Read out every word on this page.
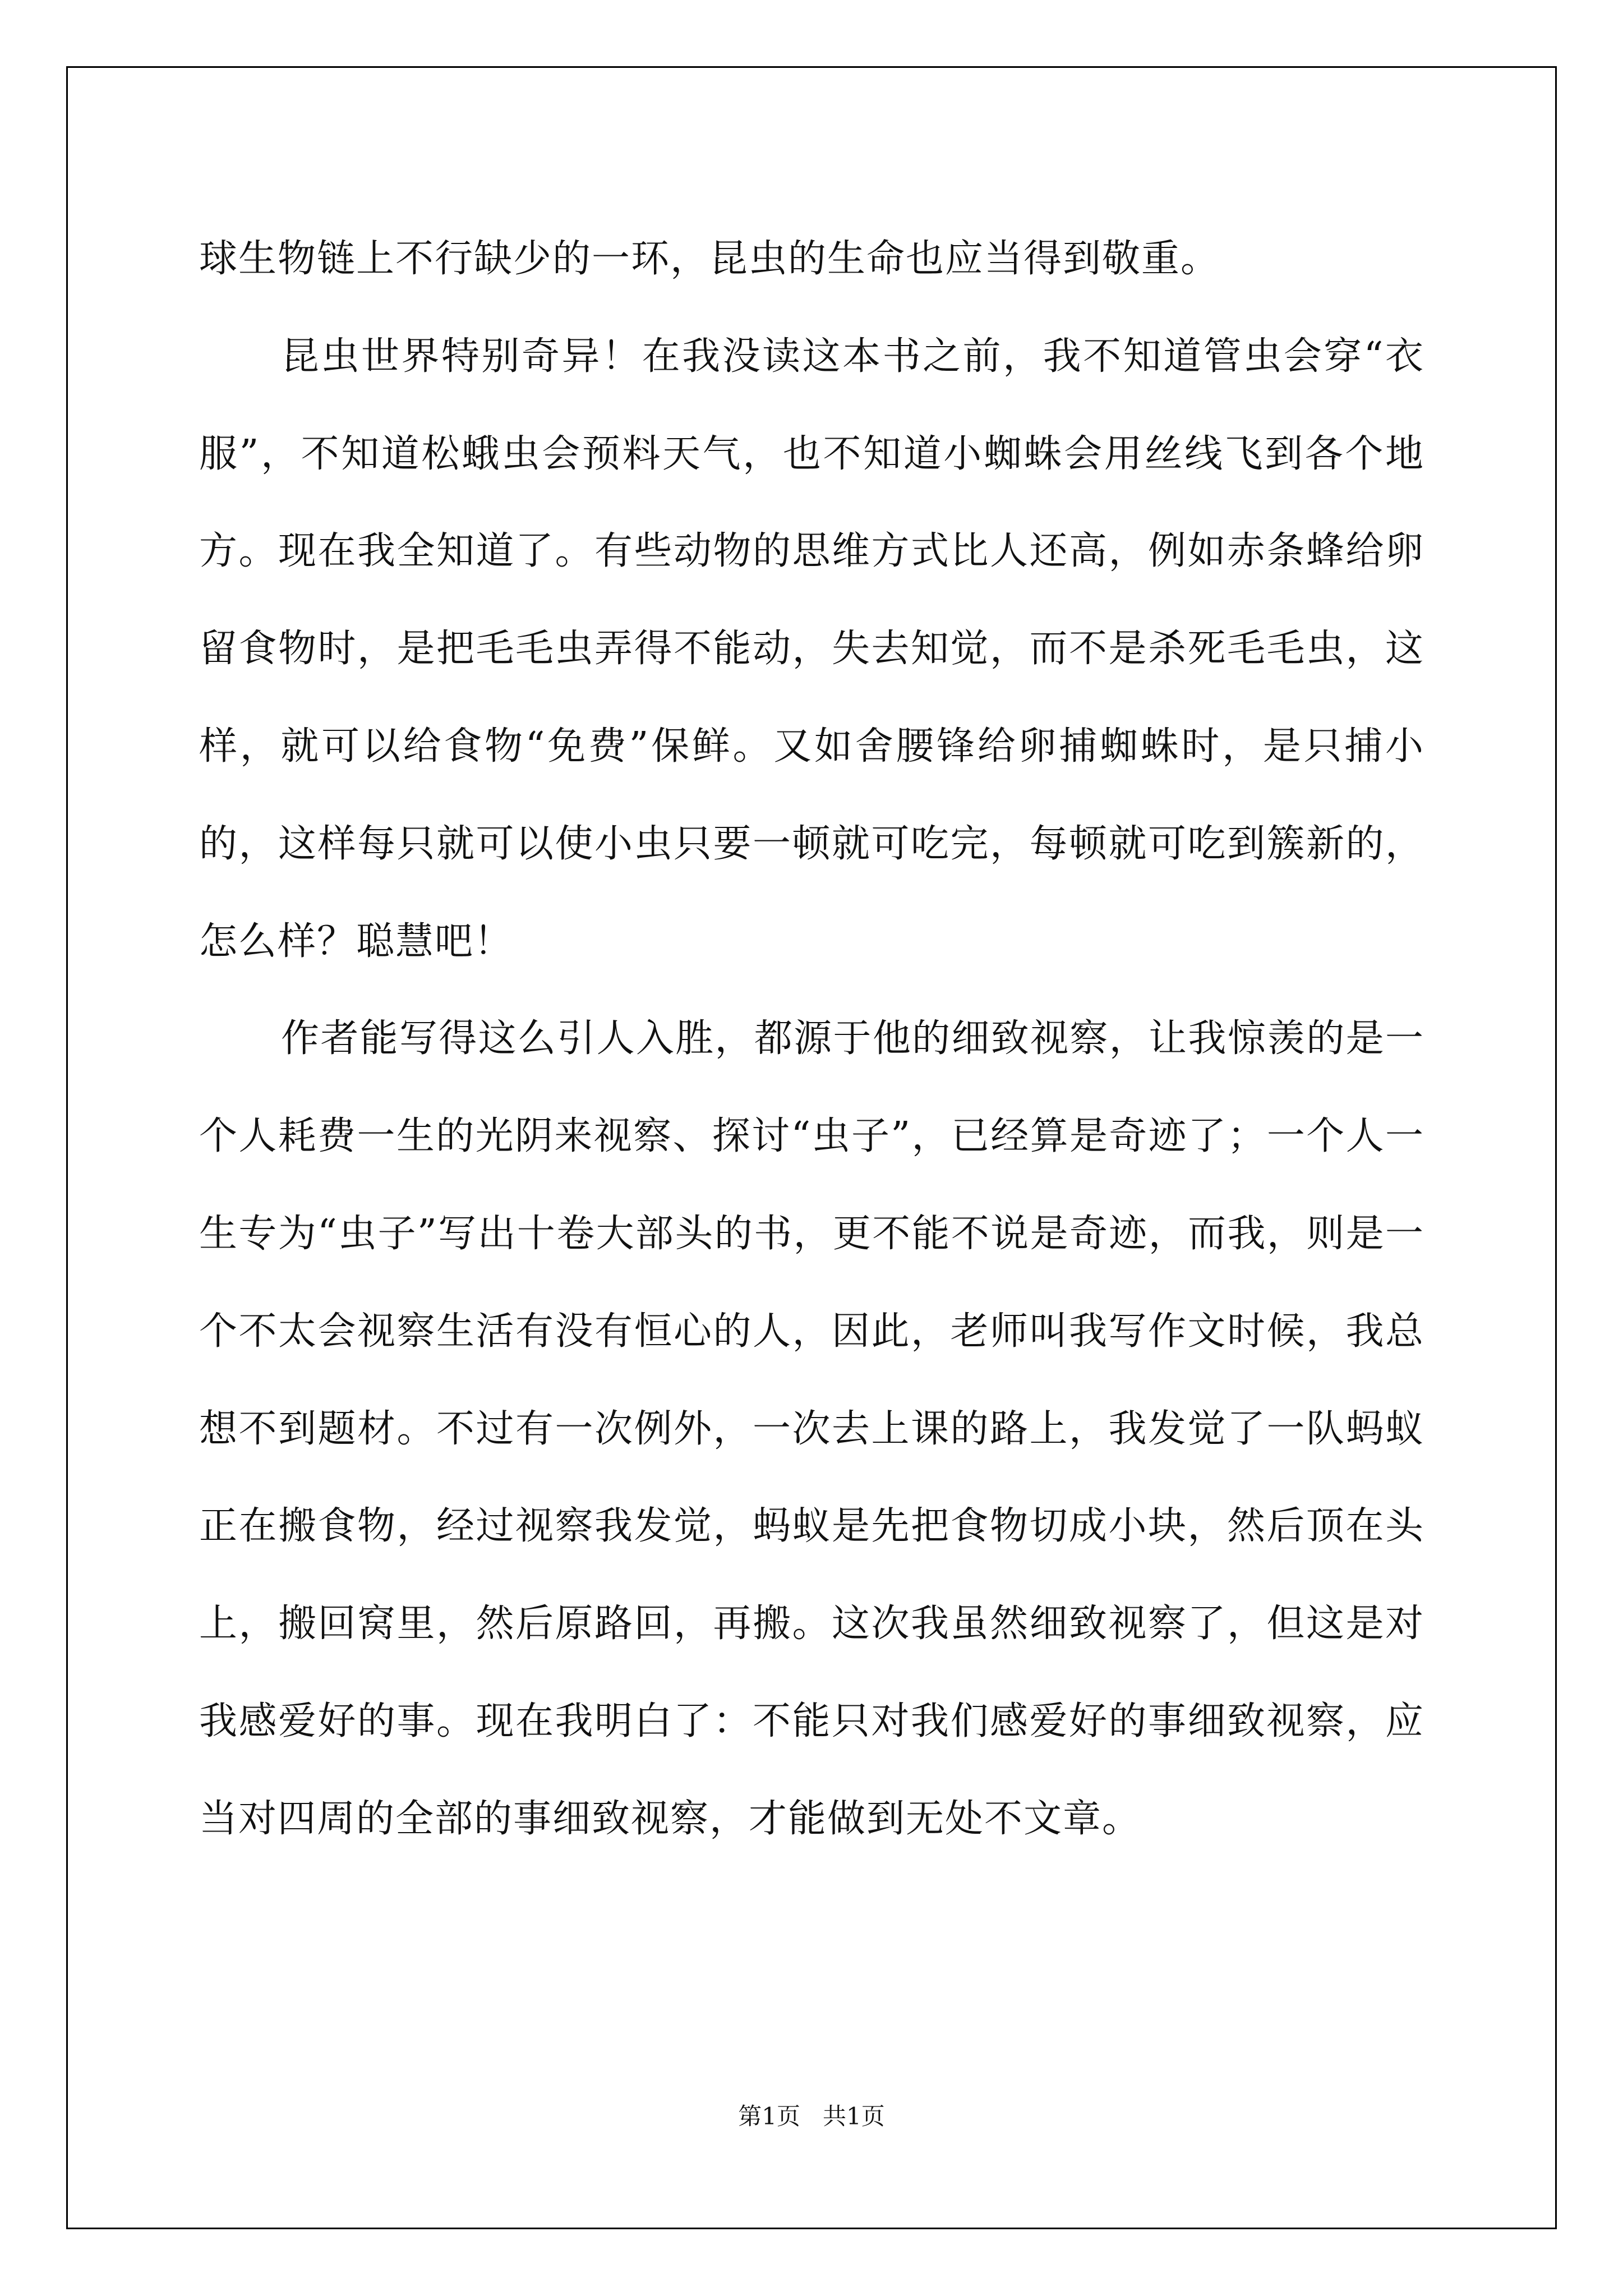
球生物链上不行缺少的一环，昆虫的生命也应当得到敬重。

昆虫世界特别奇异！在我没读这本书之前，我不知道管虫会穿“衣服”，不知道松蛾虫会预料天气，也不知道小蜘蛛会用丝线飞到各个地方。现在我全知道了。有些动物的思维方式比人还高，例如赤条蜂给卵留食物时，是把毛毛虫弄得不能动，失去知觉，而不是杀死毛毛虫，这样，就可以给食物“免费”保鲜。又如舍腰锋给卵捕蜘蛛时，是只捕小的，这样每只就可以使小虫只要一顿就可吃完，每顿就可吃到簇新的，怎么样？聪慧吧！

作者能写得这么引人入胜，都源于他的细致视察，让我惊羡的是一个人耗费一生的光阴来视察、探讨“虫子”，已经算是奇迹了；一个人一生专为“虫子”写出十卷大部头的书，更不能不说是奇迹，而我，则是一个不太会视察生活有没有恒心的人，因此，老师叫我写作文时候，我总想不到题材。不过有一次例外，一次去上课的路上，我发觉了一队蚂蚁正在搬食物，经过视察我发觉，蚂蚁是先把食物切成小块，然后顶在头上，搬回窝里，然后原路回，再搬。这次我虽然细致视察了，但这是对我感爱好的事。现在我明白了：不能只对我们感爱好的事细致视察，应当对四周的全部的事细致视察，才能做到无处不文章。

第1页   共1页
